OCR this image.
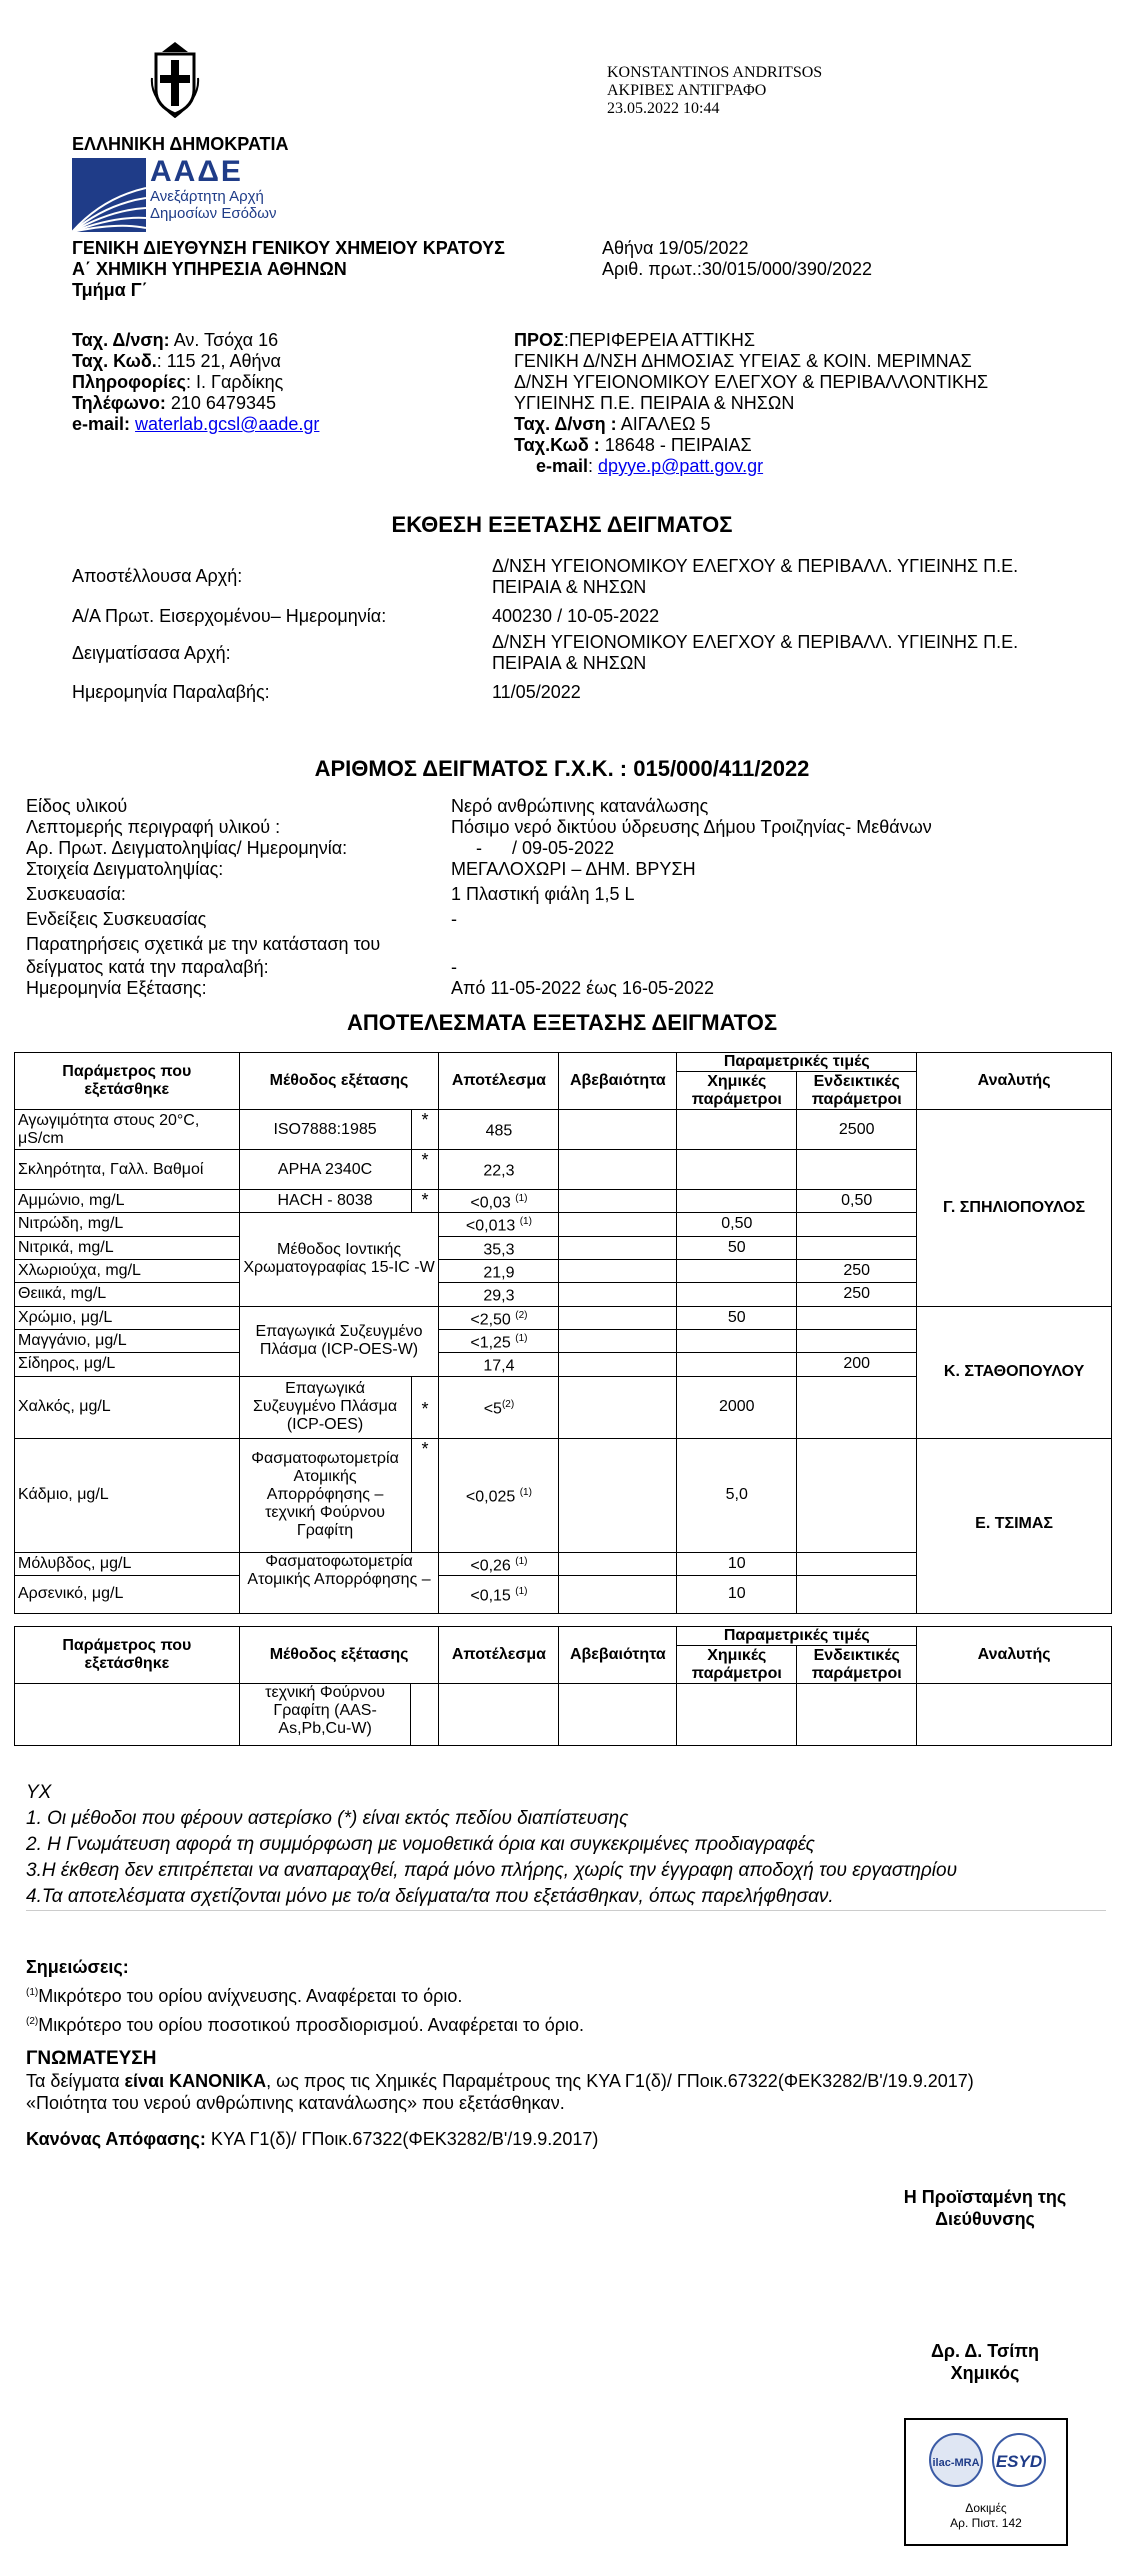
KONSTANTINOS ANDRITSOS
ΑΚΡΙΒΕΣ ΑΝΤΙΓΡΑΦΟ
23.05.2022 10:44
ΕΛΛΗΝΙΚΗ ΔΗΜΟΚΡΑΤΙΑ
ΑΑΔΕ
Ανεξάρτητη Αρχή
Δημοσίων Εσόδων
ΓΕΝΙΚΗ ΔΙΕΥΘΥΝΣΗ ΓΕΝΙΚΟΥ ΧΗΜΕΙΟΥ ΚΡΑΤΟΥΣ
Α΄ ΧΗΜΙΚΗ ΥΠΗΡΕΣΙΑ ΑΘΗΝΩΝ
Τμήμα Γ΄
Αθήνα 19/05/2022
Αριθ. πρωτ.:30/015/000/390/2022
Ταχ. Δ/νση: Αν. Τσόχα 16
Ταχ. Κωδ.: 115 21, Αθήνα
Πληροφορίες: Ι. Γαρδίκης
Τηλέφωνο: 210 6479345
e-mail: waterlab.gcsl@aade.gr
ΠΡΟΣ:ΠΕΡΙΦΕΡΕΙΑ ΑΤΤΙΚΗΣ
ΓΕΝΙΚΗ Δ/ΝΣΗ ΔΗΜΟΣΙΑΣ ΥΓΕΙΑΣ & ΚΟΙΝ. ΜΕΡΙΜΝΑΣ
Δ/ΝΣΗ ΥΓΕΙΟΝΟΜΙΚΟΥ ΕΛΕΓΧΟΥ & ΠΕΡΙΒΑΛΛΟΝΤΙΚΗΣ
ΥΓΙΕΙΝΗΣ Π.Ε. ΠΕΙΡΑΙΑ & ΝΗΣΩΝ
Ταχ. Δ/νση : ΑΙΓΑΛΕΩ 5
Ταχ.Κωδ : 18648 - ΠΕΙΡΑΙΑΣ
e-mail: dpyye.p@patt.gov.gr
ΕΚΘΕΣΗ ΕΞΕΤΑΣΗΣ ΔΕΙΓΜΑΤΟΣ
Αποστέλλουσα Αρχή:	Δ/ΝΣΗ ΥΓΕΙΟΝΟΜΙΚΟΥ ΕΛΕΓΧΟΥ & ΠΕΡΙΒΑΛΛ. ΥΓΙΕΙΝΗΣ Π.Ε.
ΠΕΙΡΑΙΑ & ΝΗΣΩΝ
Α/Α Πρωτ. Εισερχομένου– Ημερομηνία:	400230 / 10-05-2022
Δειγματίσασα Αρχή:
Δ/ΝΣΗ ΥΓΕΙΟΝΟΜΙΚΟΥ ΕΛΕΓΧΟΥ & ΠΕΡΙΒΑΛΛ. ΥΓΙΕΙΝΗΣ Π.Ε.
ΠΕΙΡΑΙΑ & ΝΗΣΩΝ
Ημερομηνία Παραλαβής:	11/05/2022
ΑΡΙΘΜΟΣ ΔΕΙΓΜΑΤΟΣ Γ.Χ.Κ. : 015/000/411/2022
Είδος υλικού	Νερό ανθρώπινης κατανάλωσης
Λεπτομερής περιγραφή υλικού :	Πόσιμο νερό δικτύου ύδρευσης Δήμου Τροιζηνίας- Μεθάνων
Αρ. Πρωτ. Δειγματοληψίας/ Ημερομηνία:	-      / 09-05-2022
Στοιχεία Δειγματοληψίας:	ΜΕΓΑΛΟΧΩΡΙ – ΔΗΜ. ΒΡΥΣΗ
Συσκευασία:	1 Πλαστική φιάλη 1,5 L
Ενδείξεις Συσκευασίας	-
Παρατηρήσεις σχετικά με την κατάσταση του
δείγματος κατά την παραλαβή:	-
Ημερομηνία Εξέτασης:	Από 11-05-2022 έως 16-05-2022
ΑΠΟΤΕΛΕΣΜΑΤΑ ΕΞΕΤΑΣΗΣ ΔΕΙΓΜΑΤΟΣ
Παράμετρος που εξετάσθηκε	Μέθοδος εξέτασης		Αποτέλεσμα	Αβεβαιότητα	Παραμετρικές τιμές		Αναλυτής
					Χημικές παράμετροι	Ενδεικτικές παράμετροι	
Αγωγιμότητα στους 20°C, μS/cm	ISO7888:1985	*	485			2500	Γ. ΣΠΗΛΙΟΠΟΥΛΟΣ
Σκληρότητα, Γαλλ. Βαθμοί	APHA 2340C	*	22,3				
Αμμώνιο, mg/L	HACH - 8038	*	<0,03 $^{(1)}$			0,50	
Νιτρώδη, mg/L	Μέθοδος Ιοντικής Χρωματογραφίας 15-IC -W		<0,013 $^{(1)}$		0,50		
Νιτρικά, mg/L			35,3		50		
Χλωριούχα, mg/L			21,9			250	
Θειικά, mg/L			29,3			250	
Χρώμιο, μg/L	Επαγωγικά Συζευγμένο Πλάσμα (ICP-OES-W)		<2,50 $^{(2)}$		50		Κ. ΣΤΑΘΟΠΟΥΛΟΥ
Μαγγάνιο, μg/L			<1,25 $^{(1)}$			
Σίδηρος, μg/L			17,4			200	
Χαλκός, μg/L	Επαγωγικά Συζευγμένο Πλάσμα (ICP-OES)	*	$<5^{(2)}$		2000		
Κάδμιο, μg/L	Φασματοφωτομετρία Ατομικής Απορρόφησης – τεχνική Φούρνου Γραφίτη	*	<0,025 $^{(1)}$		5,0		Ε. ΤΣΙΜΑΣ
Μόλυβδος, μg/L	Φασματοφωτομετρία Ατομικής Απορρόφησης –		<0,26 $^{(1)}$		10		
Αρσενικό, μg/L			<0,15 $^{(1)}$		10		
Παράμετρος που εξετάσθηκε	Μέθοδος εξέτασης		Αποτέλεσμα	Αβεβαιότητα	Παραμετρικές τιμές		Αναλυτής
					Χημικές παράμετροι	Ενδεικτικές παράμετροι	
	τεχνική Φούρνου Γραφίτη (AAS-As,Pb,Cu-W)						
ΥΧ
1. Οι μέθοδοι που φέρουν αστερίσκο (*) είναι εκτός πεδίου διαπίστευσης
2. Η Γνωμάτευση αφορά τη συμμόρφωση με νομοθετικά όρια και συγκεκριμένες προδιαγραφές
3.Η έκθεση δεν επιτρέπεται να αναπαραχθεί, παρά μόνο πλήρης, χωρίς την έγγραφη αποδοχή του εργαστηρίου
4.Τα αποτελέσματα σχετίζονται μόνο με το/α δείγματα/τα που εξετάσθηκαν, όπως παρελήφθησαν.
Σημειώσεις:
$^{(1)}$Μικρότερο του ορίου ανίχνευσης. Αναφέρεται το όριο.
$^{(2)}$Μικρότερο του ορίου ποσοτικού προσδιορισμού. Αναφέρεται το όριο.
ΓΝΩΜΑΤΕΥΣΗ
Τα δείγματα είναι ΚΑΝΟΝΙΚΑ, ως προς τις Χημικές Παραμέτρους της ΚΥΑ Γ1(δ)/ ΓΠοικ.67322(ΦΕΚ3282/Β'/19.9.2017)
«Ποιότητα του νερού ανθρώπινης κατανάλωσης» που εξετάσθηκαν.
Κανόνας Απόφασης: ΚΥΑ Γ1(δ)/ ΓΠοικ.67322(ΦΕΚ3282/Β'/19.9.2017)
Η Προϊσταμένη της
Διεύθυνσης
Δρ. Δ. Τσίπη
Χημικός
ilac-MRA ESYD
Δοκιμές
Αρ. Πιστ. 142
